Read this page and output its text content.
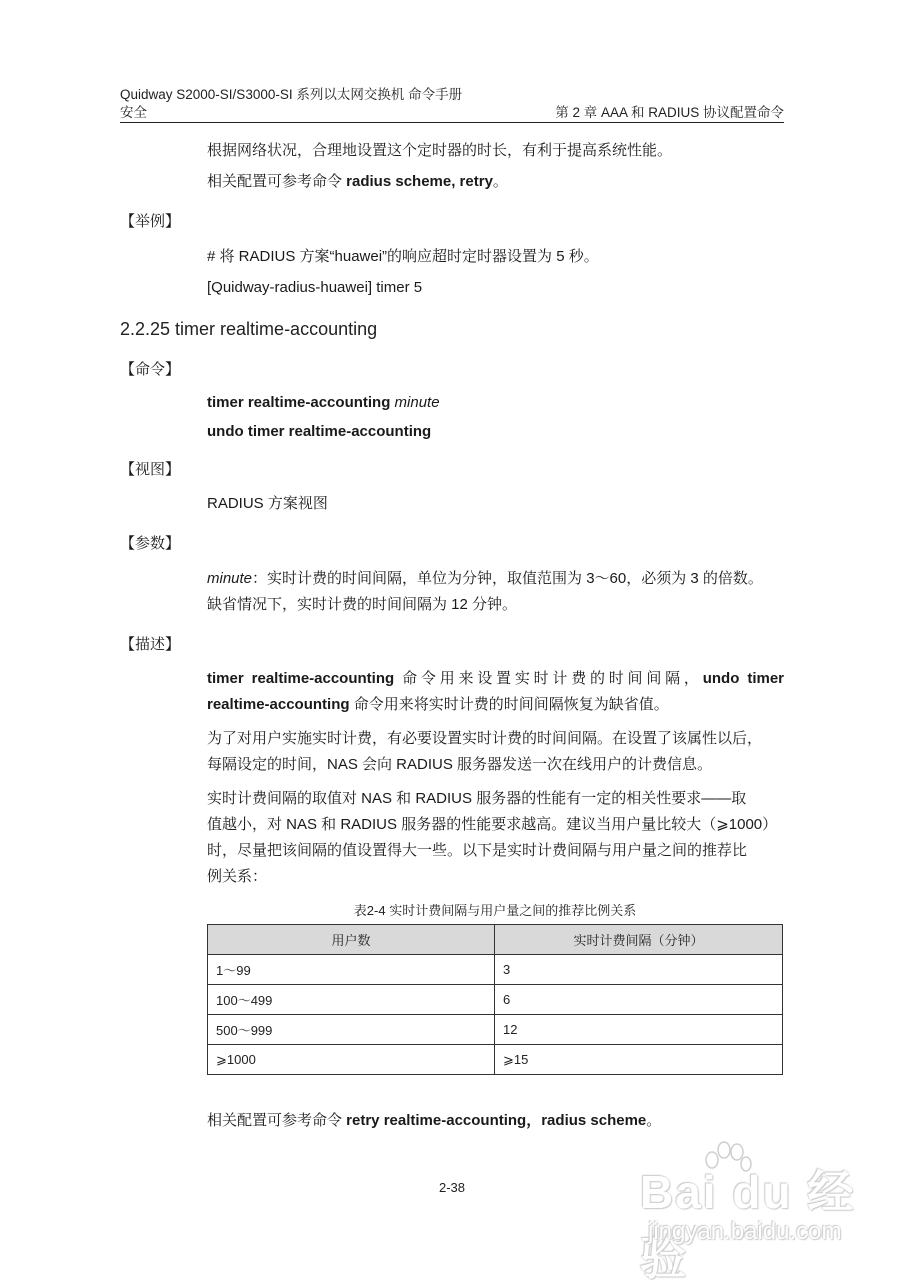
Quidway S2000-SI/S3000-SI 系列以太网交换机 命令手册
安全	第 2 章 AAA 和 RADIUS 协议配置命令
根据网络状况，合理地设置这个定时器的时长，有利于提高系统性能。
相关配置可参考命令 radius scheme, retry。
【举例】
# 将 RADIUS 方案“huawei”的响应超时定时器设置为 5 秒。
[Quidway-radius-huawei] timer 5
2.2.25 timer realtime-accounting
【命令】
timer realtime-accounting minute
undo timer realtime-accounting
【视图】
RADIUS 方案视图
【参数】
minute：实时计费的时间间隔，单位为分钟，取值范围为 3～60，必须为 3 的倍数。
缺省情况下，实时计费的时间间隔为 12 分钟。
【描述】
timer realtime-accounting 命令用来设置实时计费的时间间隔，undo timer
realtime-accounting 命令用来将实时计费的时间间隔恢复为缺省值。
为了对用户实施实时计费，有必要设置实时计费的时间间隔。在设置了该属性以后，
每隔设定的时间，NAS 会向 RADIUS 服务器发送一次在线用户的计费信息。
实时计费间隔的取值对 NAS 和 RADIUS 服务器的性能有一定的相关性要求——取
值越小，对 NAS 和 RADIUS 服务器的性能要求越高。建议当用户量比较大（⩾1000）
时，尽量把该间隔的值设置得大一些。以下是实时计费间隔与用户量之间的推荐比
例关系：
表2-4 实时计费间隔与用户量之间的推荐比例关系
用户数	实时计费间隔（分钟）
1～99	3
100～499	6
500～999	12
⩾1000	⩾15
相关配置可参考命令 retry realtime-accounting，radius scheme。
2-38	Bai du 经验
jingyan.baidu.com
